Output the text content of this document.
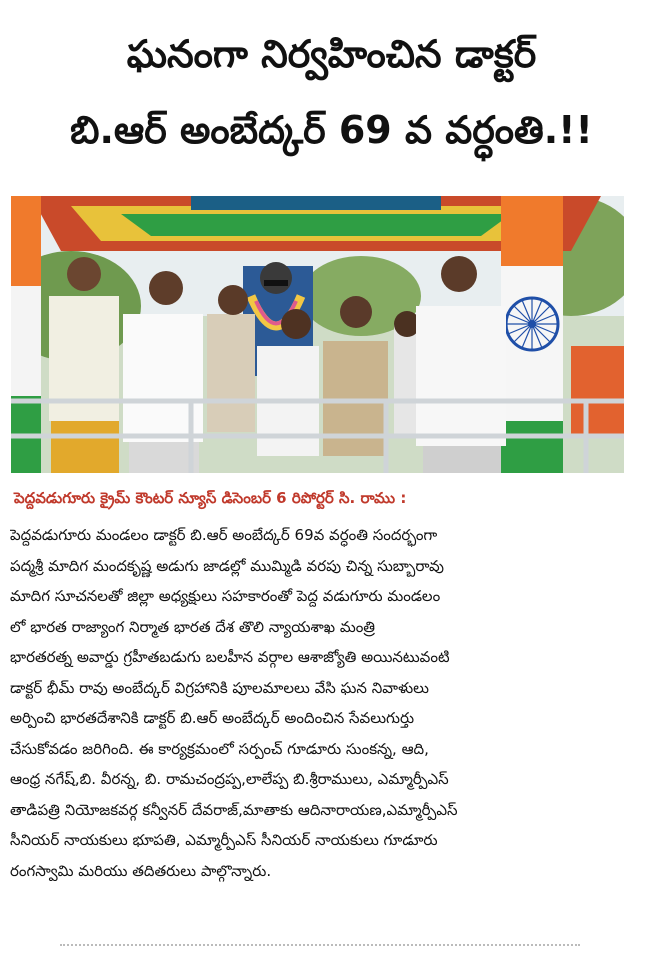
ఘనంగా నిర్వహించిన డాక్టర్
బి.ఆర్ అంబేద్కర్ 69 వ వర్ధంతి.!!
పెద్దవడుగూరు క్రైమ్ కౌంటర్ న్యూస్ డిసెంబర్ 6 రిపోర్టర్ సి. రాము :
పెద్దవడుగూరు మండలం డాక్టర్ బి.ఆర్ అంబేద్కర్ 69వ వర్ధంతి సందర్భంగా
పద్మశ్రీ మాదిగ మందకృష్ణ అడుగు జాడల్లో ముమ్మిడి వరపు చిన్న సుబ్బారావు
మాదిగ సూచనలతో జిల్లా అధ్యక్షులు సహకారంతో పెద్ద వడుగూరు మండలం
లో భారత రాజ్యాంగ నిర్మాత భారత దేశ తొలి న్యాయశాఖ మంత్రి
భారతరత్న అవార్డు గ్రహీతబడుగు బలహీన వర్గాల ఆశాజ్యోతి అయినటువంటి
డాక్టర్ భీమ్ రావు అంబేద్కర్ విగ్రహానికి పూలమాలలు వేసి ఘన నివాళులు
అర్పించి భారతదేశానికి డాక్టర్ బి.ఆర్ అంబేద్కర్ అందించిన సేవలుగుర్తు
చేసుకోవడం జరిగింది. ఈ కార్యక్రమంలో సర్పంచ్ గూడూరు సుంకన్న, ఆది,
ఆంధ్ర నగేష్,బి. వీరన్న, బి. రామచంద్రప్ప,లాలేప్ప బి.శ్రీరాములు, ఎమ్మార్పీఎస్
తాడిపత్రి నియోజకవర్గ కన్వీనర్ దేవరాజ్,మాతాకు ఆదినారాయణ,ఎమ్మార్పీఎస్
సీనియర్ నాయకులు భూపతి, ఎమ్మార్పీఎస్ సీనియర్ నాయకులు గూడూరు
రంగస్వామి మరియు తదితరులు పాల్గొన్నారు.
